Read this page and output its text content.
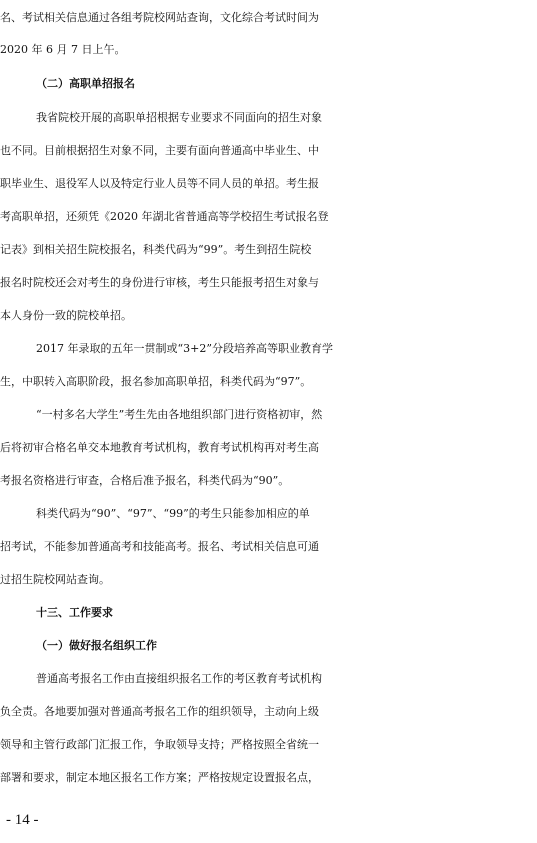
名、考试相关信息通过各组考院校网站查询，文化综合考试时间为
2020 年 6 月 7 日上午。
（二）高职单招报名
我省院校开展的高职单招根据专业要求不同面向的招生对象
也不同。目前根据招生对象不同，主要有面向普通高中毕业生、中
职毕业生、退役军人以及特定行业人员等不同人员的单招。考生报
考高职单招，还须凭《2020 年湖北省普通高等学校招生考试报名登
记表》到相关招生院校报名，科类代码为“99”。考生到招生院校
报名时院校还会对考生的身份进行审核，考生只能报考招生对象与
本人身份一致的院校单招。
2017 年录取的五年一贯制或“3+2”分段培养高等职业教育学
生，中职转入高职阶段，报名参加高职单招，科类代码为“97”。
“一村多名大学生”考生先由各地组织部门进行资格初审，然
后将初审合格名单交本地教育考试机构，教育考试机构再对考生高
考报名资格进行审查，合格后准予报名，科类代码为“90”。
科类代码为“90”、“97”、“99”的考生只能参加相应的单
招考试，不能参加普通高考和技能高考。报名、考试相关信息可通
过招生院校网站查询。
十三、工作要求
（一）做好报名组织工作
普通高考报名工作由直接组织报名工作的考区教育考试机构
负全责。各地要加强对普通高考报名工作的组织领导，主动向上级
领导和主管行政部门汇报工作，争取领导支持；严格按照全省统一
部署和要求，制定本地区报名工作方案；严格按规定设置报名点，
- 14 -
